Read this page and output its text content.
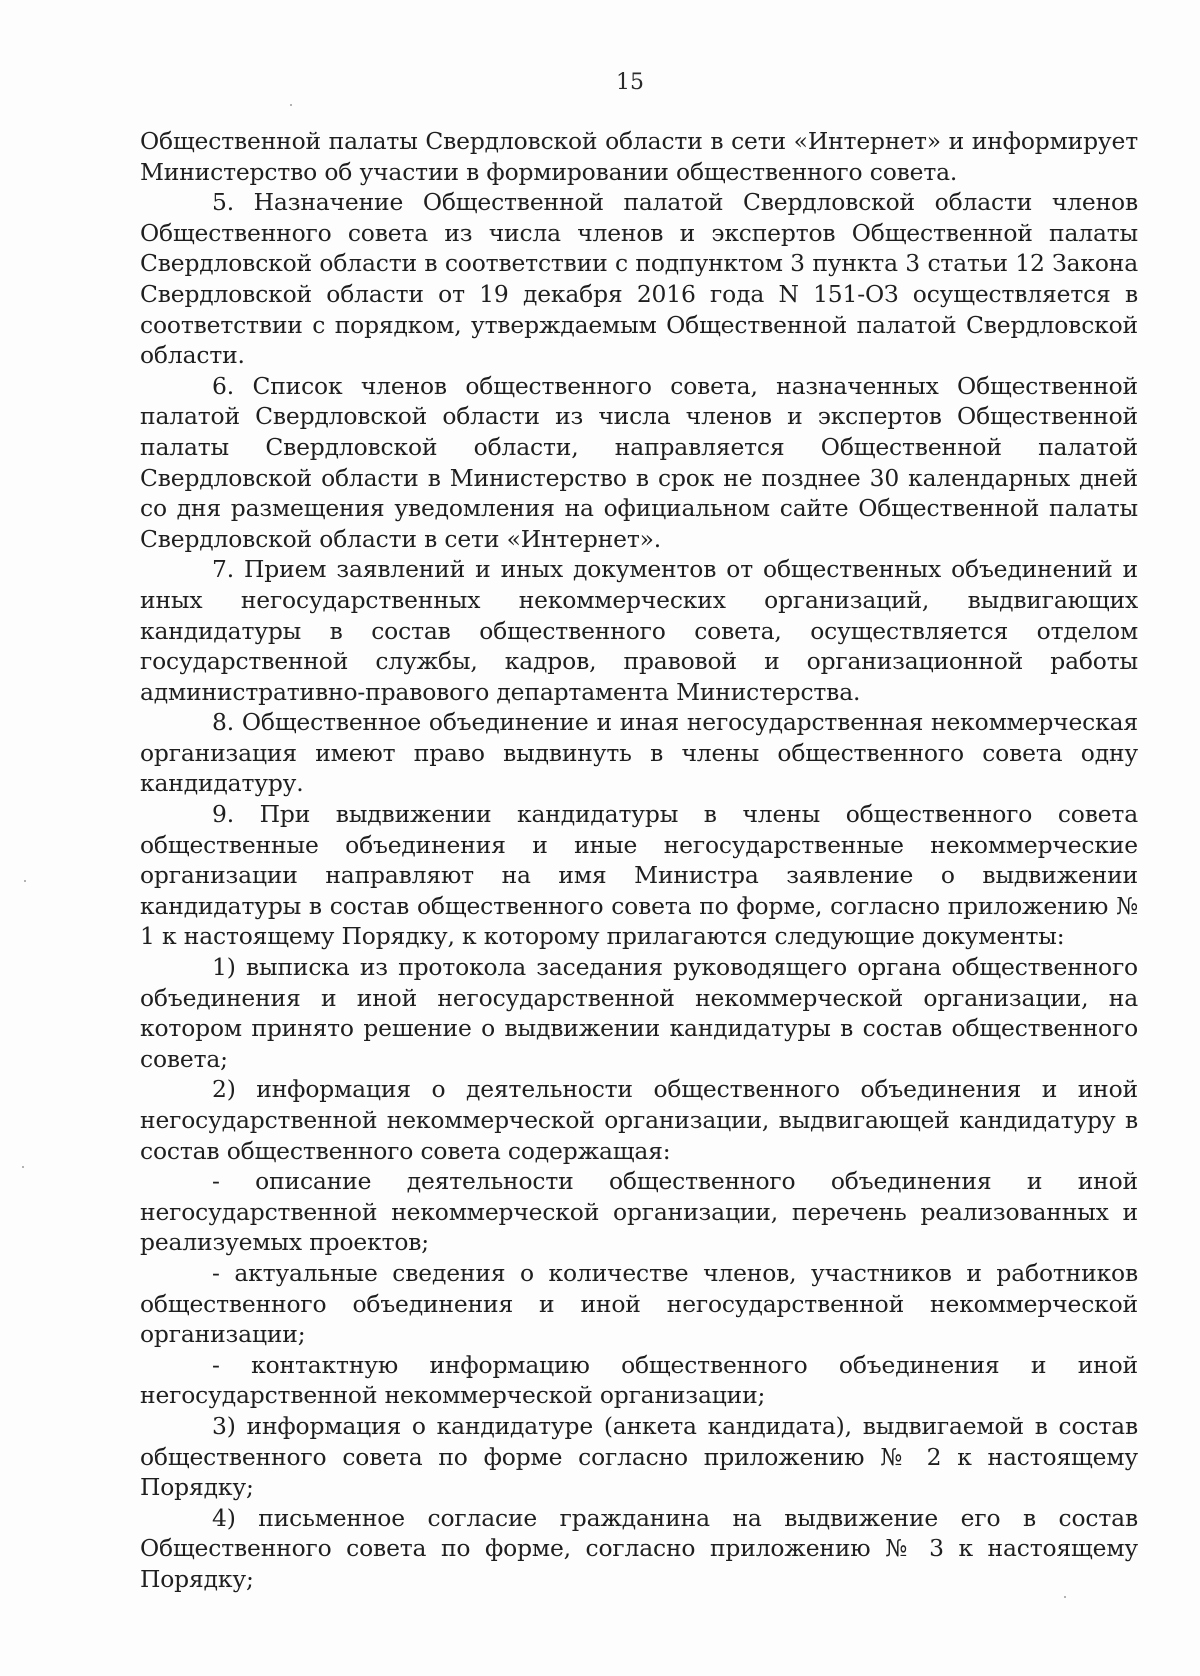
15

Общественной палаты Свердловской области в сети «Интернет» и информирует Министерство об участии в формировании общественного совета.

5. Назначение Общественной палатой Свердловской области членов Общественного совета из числа членов и экспертов Общественной палаты Свердловской области в соответствии с подпунктом 3 пункта 3 статьи 12 Закона Свердловской области от 19 декабря 2016 года N 151-ОЗ осуществляется в соответствии с порядком, утверждаемым Общественной палатой Свердловской области.

6. Список членов общественного совета, назначенных Общественной палатой Свердловской области из числа членов и экспертов Общественной палаты Свердловской области, направляется Общественной палатой Свердловской области в Министерство в срок не позднее 30 календарных дней со дня размещения уведомления на официальном сайте Общественной палаты Свердловской области в сети «Интернет».

7. Прием заявлений и иных документов от общественных объединений и иных негосударственных некоммерческих организаций, выдвигающих кандидатуры в состав общественного совета, осуществляется отделом государственной службы, кадров, правовой и организационной работы административно-правового департамента Министерства.

8. Общественное объединение и иная негосударственная некоммерческая организация имеют право выдвинуть в члены общественного совета одну кандидатуру.

9. При выдвижении кандидатуры в члены общественного совета общественные объединения и иные негосударственные некоммерческие организации направляют на имя Министра заявление о выдвижении кандидатуры в состав общественного совета по форме, согласно приложению № 1 к настоящему Порядку, к которому прилагаются следующие документы:

1) выписка из протокола заседания руководящего органа общественного объединения и иной негосударственной некоммерческой организации, на котором принято решение о выдвижении кандидатуры в состав общественного совета;

2) информация о деятельности общественного объединения и иной негосударственной некоммерческой организации, выдвигающей кандидатуру в состав общественного совета содержащая:

- описание деятельности общественного объединения и иной негосударственной некоммерческой организации, перечень реализованных и реализуемых проектов;

- актуальные сведения о количестве членов, участников и работников общественного объединения и иной негосударственной некоммерческой организации;

- контактную информацию общественного объединения и иной негосударственной некоммерческой организации;

3) информация о кандидатуре (анкета кандидата), выдвигаемой в состав общественного совета по форме согласно приложению № 2 к настоящему Порядку;

4) письменное согласие гражданина на выдвижение его в состав Общественного совета по форме, согласно приложению № 3 к настоящему Порядку;
